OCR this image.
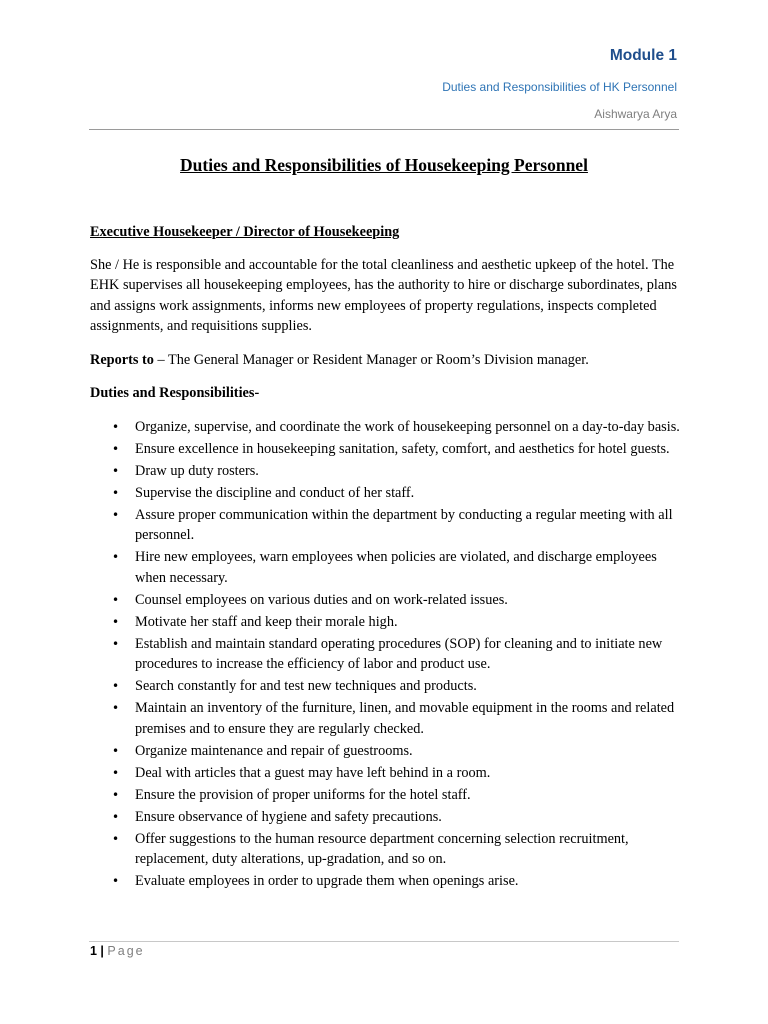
Module 1
Duties and Responsibilities of HK Personnel
Aishwarya Arya
Duties and Responsibilities of Housekeeping Personnel
Executive Housekeeper / Director of Housekeeping

She / He is responsible and accountable for the total cleanliness and aesthetic upkeep of the hotel. The EHK supervises all housekeeping employees, has the authority to hire or discharge subordinates, plans and assigns work assignments, informs new employees of property regulations, inspects completed assignments, and requisitions supplies.

Reports to – The General Manager or Resident Manager or Room’s Division manager.

Duties and Responsibilities-
• Organize, supervise, and coordinate the work of housekeeping personnel on a day-to-day basis.
• Ensure excellence in housekeeping sanitation, safety, comfort, and aesthetics for hotel guests.
• Draw up duty rosters.
• Supervise the discipline and conduct of her staff.
• Assure proper communication within the department by conducting a regular meeting with all personnel.
• Hire new employees, warn employees when policies are violated, and discharge employees when necessary.
• Counsel employees on various duties and on work-related issues.
• Motivate her staff and keep their morale high.
• Establish and maintain standard operating procedures (SOP) for cleaning and to initiate new procedures to increase the efficiency of labor and product use.
• Search constantly for and test new techniques and products.
• Maintain an inventory of the furniture, linen, and movable equipment in the rooms and related premises and to ensure they are regularly checked.
• Organize maintenance and repair of guestrooms.
• Deal with articles that a guest may have left behind in a room.
• Ensure the provision of proper uniforms for the hotel staff.
• Ensure observance of hygiene and safety precautions.
• Offer suggestions to the human resource department concerning selection recruitment, replacement, duty alterations, up-gradation, and so on.
• Evaluate employees in order to upgrade them when openings arise.
1 | Page
